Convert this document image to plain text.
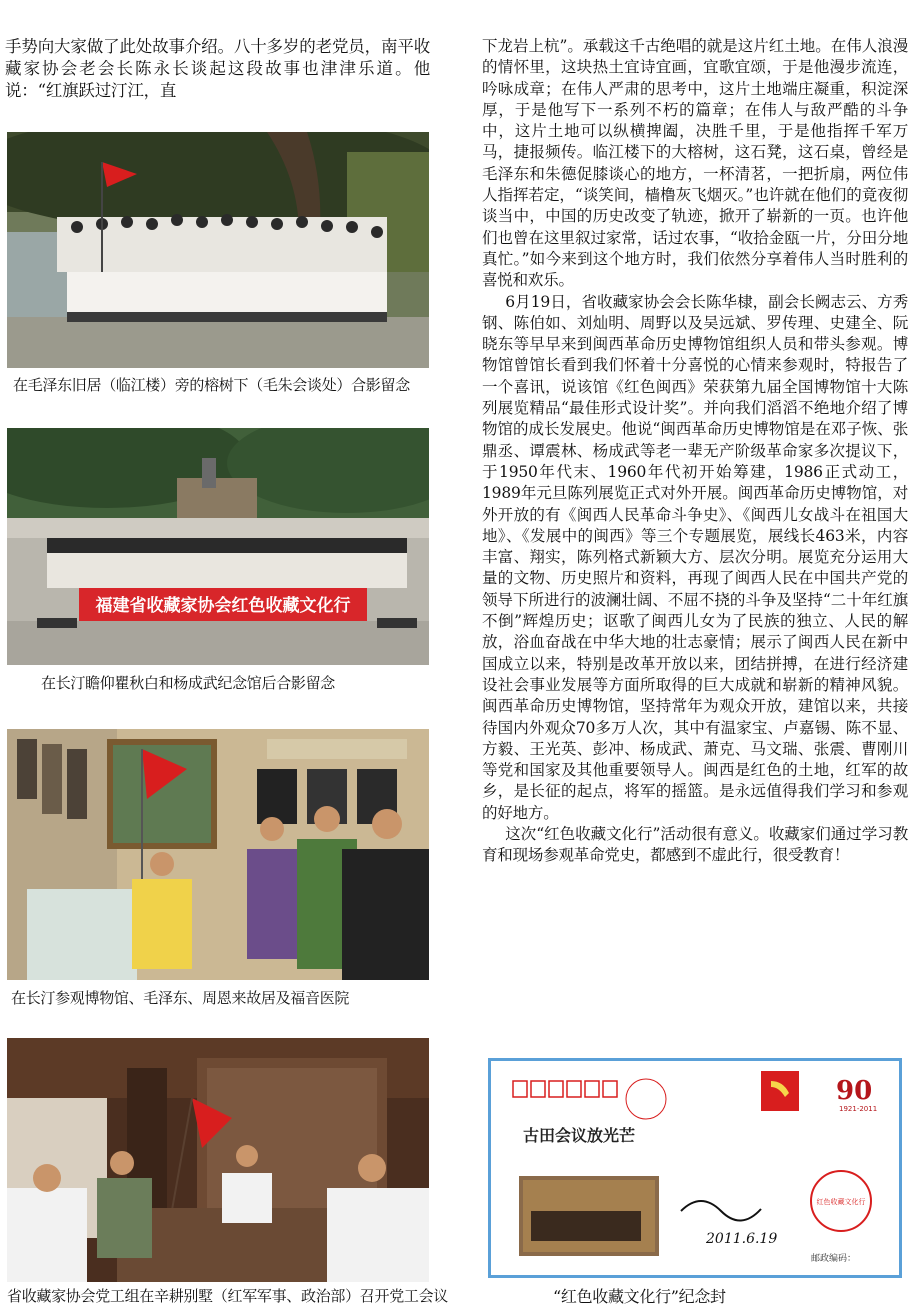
手势向大家做了此处故事介绍。八十多岁的老党员，南平收藏家协会老会长陈永长谈起这段故事也津津乐道。他说：“红旗跃过汀江，直

在毛泽东旧居（临江楼）旁的榕树下（毛朱会谈处）合影留念
福建省收藏家协会红色收藏文化行
在长汀瞻仰瞿秋白和杨成武纪念馆后合影留念
在长汀参观博物馆、毛泽东、周恩来故居及福音医院
省收藏家协会党工组在辛耕别墅（红军军事、政治部）召开党工会议

下龙岩上杭”。承载这千古绝唱的就是这片红土地。在伟人浪漫的情怀里，这块热土宜诗宜画，宜歌宜颂，于是他漫步流连，吟咏成章；在伟人严肃的思考中，这片土地端庄凝重，积淀深厚，于是他写下一系列不朽的篇章；在伟人与敌严酷的斗争中，这片土地可以纵横捭阖，决胜千里，于是他指挥千军万马，捷报频传。临江楼下的大榕树，这石凳，这石桌，曾经是毛泽东和朱德促膝谈心的地方，一杯清茗，一把折扇，两位伟人指挥若定，“谈笑间，樯橹灰飞烟灭。”也许就在他们的竟夜彻谈当中，中国的历史改变了轨迹，掀开了崭新的一页。也许他们也曾在这里叙过家常，话过农事，“收拾金瓯一片，分田分地真忙。”如今来到这个地方时，我们依然分享着伟人当时胜利的喜悦和欢乐。

6月19日，省收藏家协会会长陈华棣，副会长阙志云、方秀钢、陈伯如、刘灿明、周野以及吴远斌、罗传理、史建全、阮晓东等早早来到闽西革命历史博物馆组织人员和带头参观。博物馆曾馆长看到我们怀着十分喜悦的心情来参观时，特报告了一个喜讯，说该馆《红色闽西》荣获第九届全国博物馆十大陈列展览精品“最佳形式设计奖”。并向我们滔滔不绝地介绍了博物馆的成长发展史。他说“闽西革命历史博物馆是在邓子恢、张鼎丞、谭震林、杨成武等老一辈无产阶级革命家多次提议下，于1950年代末、1960年代初开始筹建，1986正式动工，1989年元旦陈列展览正式对外开展。闽西革命历史博物馆，对外开放的有《闽西人民革命斗争史》、《闽西儿女战斗在祖国大地》、《发展中的闽西》等三个专题展览，展线长463米，内容丰富、翔实，陈列格式新颖大方、层次分明。展览充分运用大量的文物、历史照片和资料，再现了闽西人民在中国共产党的领导下所进行的波澜壮阔、不屈不挠的斗争及坚持“二十年红旗不倒”辉煌历史；讴歌了闽西儿女为了民族的独立、人民的解放，浴血奋战在中华大地的壮志豪情；展示了闽西人民在新中国成立以来，特别是改革开放以来，团结拼搏，在进行经济建设社会事业发展等方面所取得的巨大成就和崭新的精神风貌。闽西革命历史博物馆，坚持常年为观众开放，建馆以来，共接待国内外观众70多万人次，其中有温家宝、卢嘉锡、陈不显、方毅、王光英、彭冲、杨成武、萧克、马文瑞、张震、曹刚川等党和国家及其他重要领导人。闽西是红色的土地，红军的故乡，是长征的起点，将军的摇篮。是永远值得我们学习和参观的好地方。

这次“红色收藏文化行”活动很有意义。收藏家们通过学习教育和现场参观革命党史，都感到不虚此行，很受教育！

90
1921-2011
古田会议放光芒
2011.6.19
红色收藏文化行
邮政编码：
“红色收藏文化行”纪念封
